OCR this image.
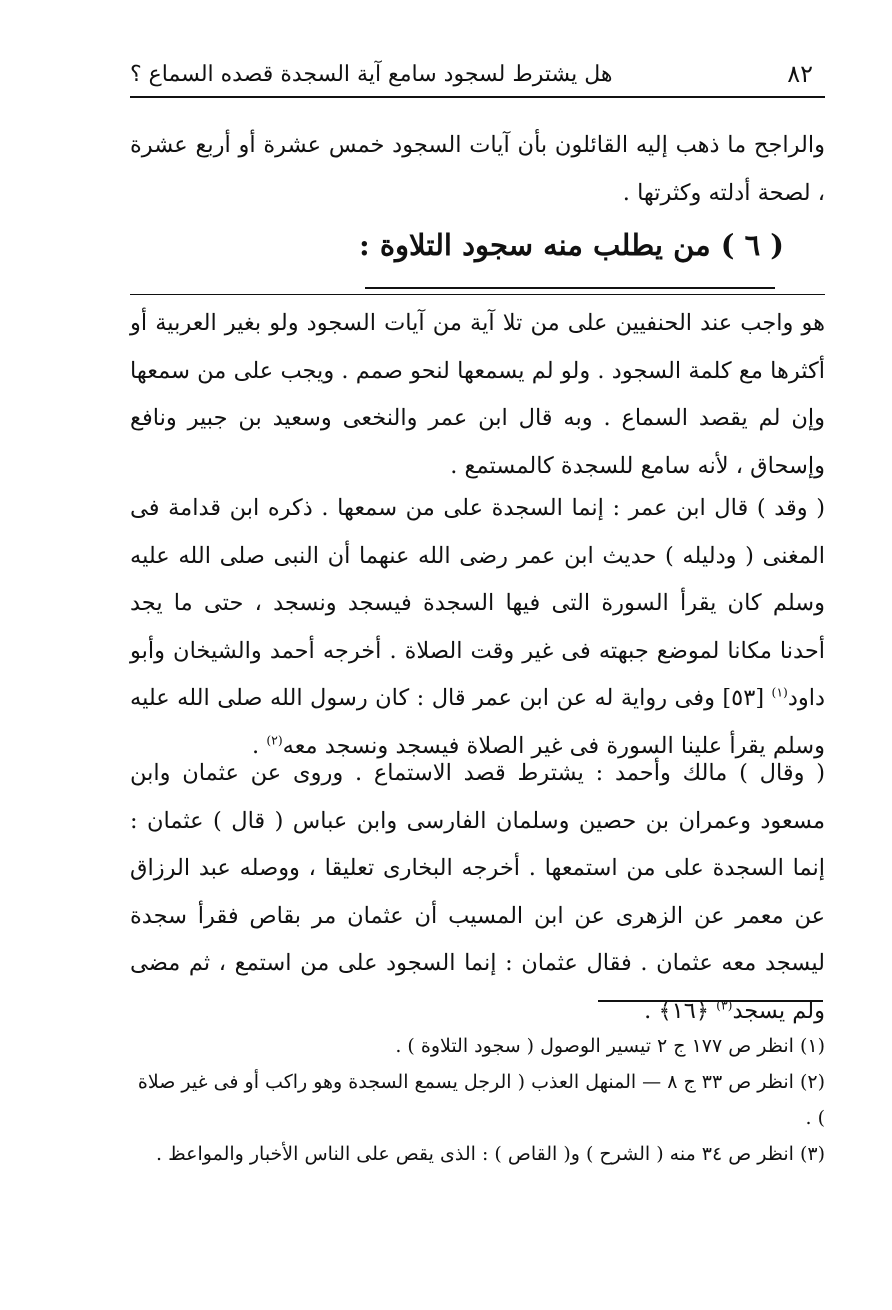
٨٢
هل يشترط لسجود سامع آية السجدة قصده السماع ؟
والراجح ما ذهب إليه القائلون بأن آيات السجود خمس عشرة أو أربع عشرة ، لصحة أدلته وكثرتها .
( ٦ ) من يطلب منه سجود التلاوة :
هو واجب عند الحنفيين على من تلا آية من آيات السجود ولو بغير العربية أو أكثرها مع كلمة السجود . ولو لم يسمعها لنحو صمم . ويجب على من سمعها وإن لم يقصد السماع . وبه قال ابن عمر والنخعى وسعيد بن جبير ونافع وإسحاق ، لأنه سامع للسجدة كالمستمع .
( وقد ) قال ابن عمر : إنما السجدة على من سمعها . ذكره ابن قدامة فى المغنى ( ودليله ) حديث ابن عمر رضى الله عنهما أن النبى صلى الله عليه وسلم كان يقرأ السورة التى فيها السجدة فيسجد ونسجد ، حتى ما يجد أحدنا مكانا لموضع جبهته فى غير وقت الصلاة . أخرجه أحمد والشيخان وأبو داود$^{(١)}$ [٥٣] وفى رواية له عن ابن عمر قال : كان رسول الله صلى الله عليه وسلم يقرأ علينا السورة فى غير الصلاة فيسجد ونسجد معه$^{(٢)}$ .
( وقال ) مالك وأحمد : يشترط قصد الاستماع . وروى عن عثمان وابن مسعود وعمران بن حصين وسلمان الفارسى وابن عباس ( قال ) عثمان : إنما السجدة على من استمعها . أخرجه البخارى تعليقا ، ووصله عبد الرزاق عن معمر عن الزهرى عن ابن المسيب أن عثمان مر بقاص فقرأ سجدة ليسجد معه عثمان . فقال عثمان : إنما السجود على من استمع ، ثم مضى ولم يسجد$^{(٣)}$ ﴿١٦﴾ .
(١) انظر ص ١٧٧ ج ٢ تيسير الوصول ( سجود التلاوة ) .
(٢) انظر ص ٣٣ ج ٨ — المنهل العذب ( الرجل يسمع السجدة وهو راكب أو فى غير صلاة ) .
(٣) انظر ص ٣٤ منه ( الشرح ) و( القاص ) : الذى يقص على الناس الأخبار والمواعظ .
